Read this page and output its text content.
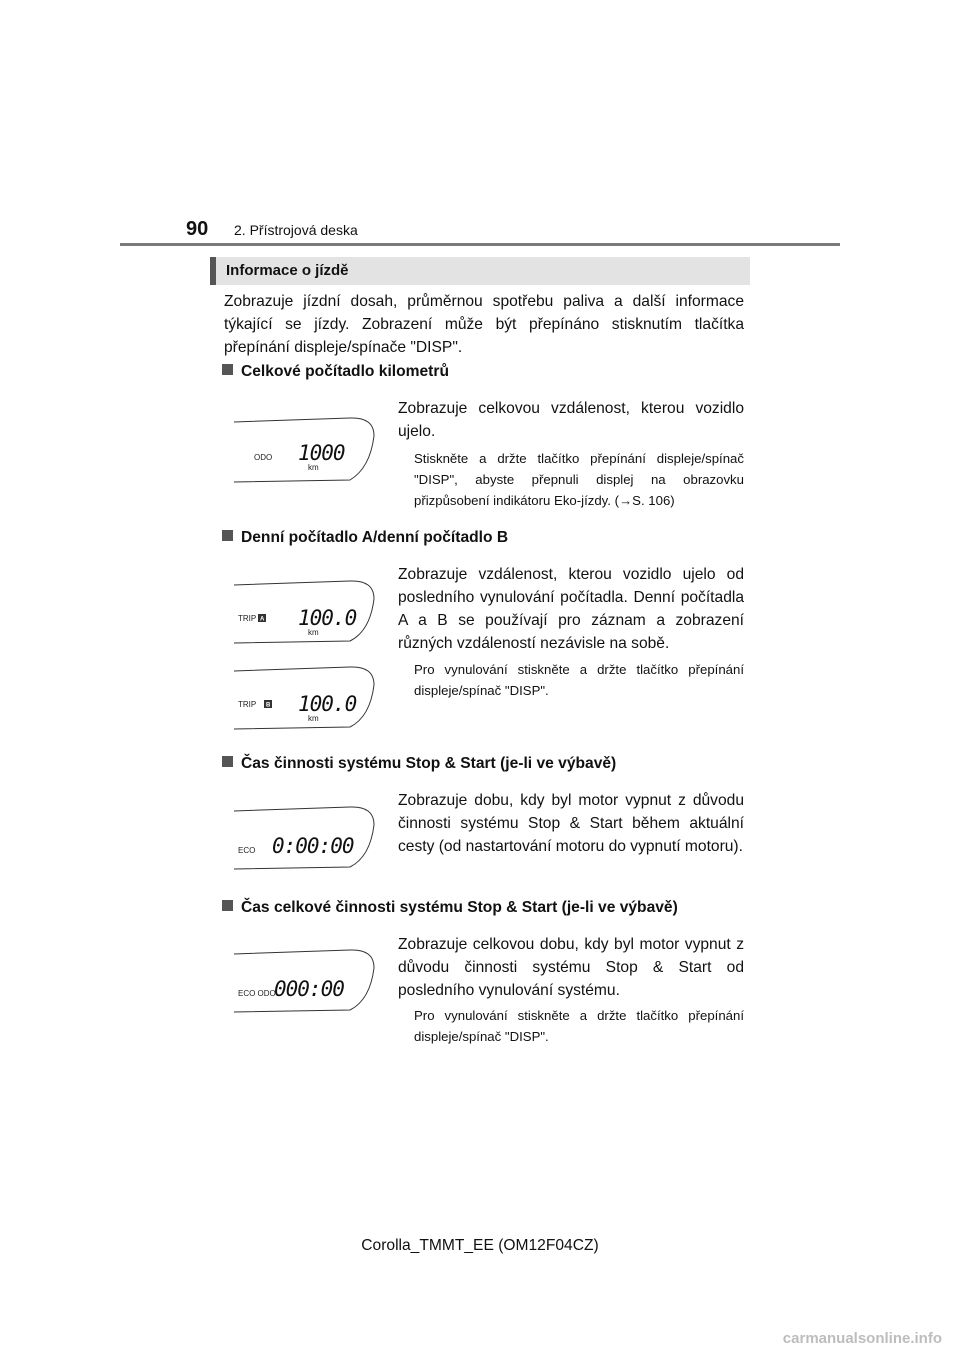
90 2. Přístrojová deska
Informace o jízdě
Zobrazuje jízdní dosah, průměrnou spotřebu paliva a další informace týkající se jízdy. Zobrazení může být přepínáno stisknutím tlačítka přepínání displeje/spínače "DISP".
Celkové počítadlo kilometrů
ODO 1000
km
Zobrazuje celkovou vzdálenost, kterou vozidlo ujelo.
Stiskněte a držte tlačítko přepínání displeje/spínač "DISP", abyste přepnuli displej na obrazovku přizpůsobení indikátoru Eko-jízdy. (→S. 106)
Denní počítadlo A/denní počítadlo B
TRIP A 100.0
km
TRIP B 100.0
km
Zobrazuje vzdálenost, kterou vozidlo ujelo od posledního vynulování počítadla. Denní počítadla A a B se používají pro záznam a zobrazení různých vzdáleností nezávisle na sobě.
Pro vynulování stiskněte a držte tlačítko přepínání displeje/spínač "DISP".
Čas činnosti systému Stop & Start (je-li ve výbavě)
ECO 0:00:00
Zobrazuje dobu, kdy byl motor vypnut z důvodu činnosti systému Stop & Start během aktuální cesty (od nastartování motoru do vypnutí motoru).
Čas celkové činnosti systému Stop & Start (je-li ve výbavě)
ECO ODO
000:00
Zobrazuje celkovou dobu, kdy byl motor vypnut z důvodu činnosti systému Stop & Start od posledního vynulování systému.
Pro vynulování stiskněte a držte tlačítko přepínání displeje/spínač "DISP".
Corolla_TMMT_EE (OM12F04CZ)
carmanualsonline.info
